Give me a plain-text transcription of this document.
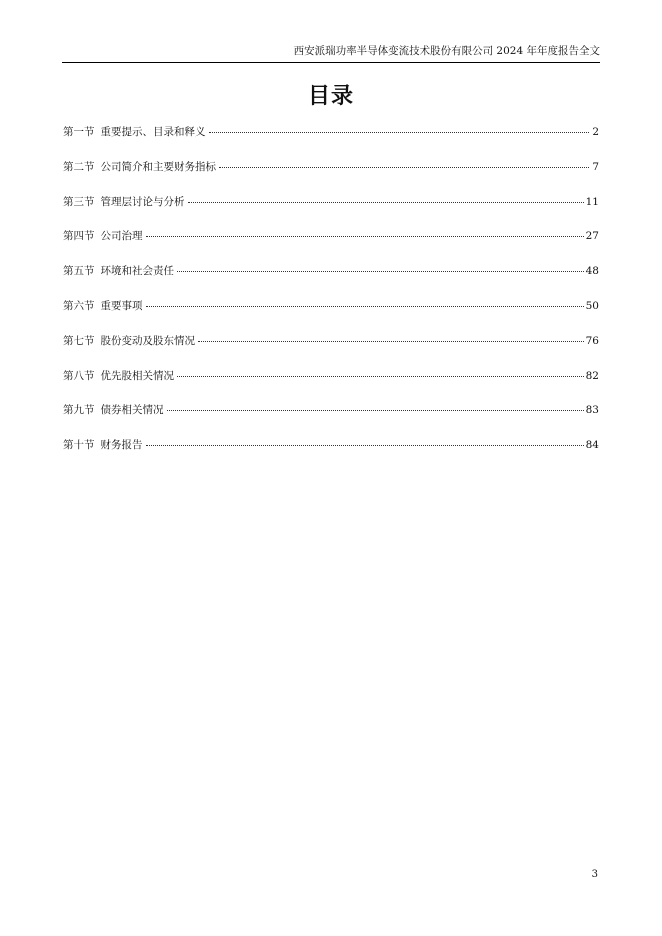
西安派瑞功率半导体变流技术股份有限公司 2024 年年度报告全文
目录
第一节 重要提示、目录和释义	2
第二节 公司简介和主要财务指标	7
第三节 管理层讨论与分析	11
第四节 公司治理	27
第五节 环境和社会责任	48
第六节 重要事项	50
第七节 股份变动及股东情况	76
第八节 优先股相关情况	82
第九节 债券相关情况	83
第十节 财务报告	84
3
